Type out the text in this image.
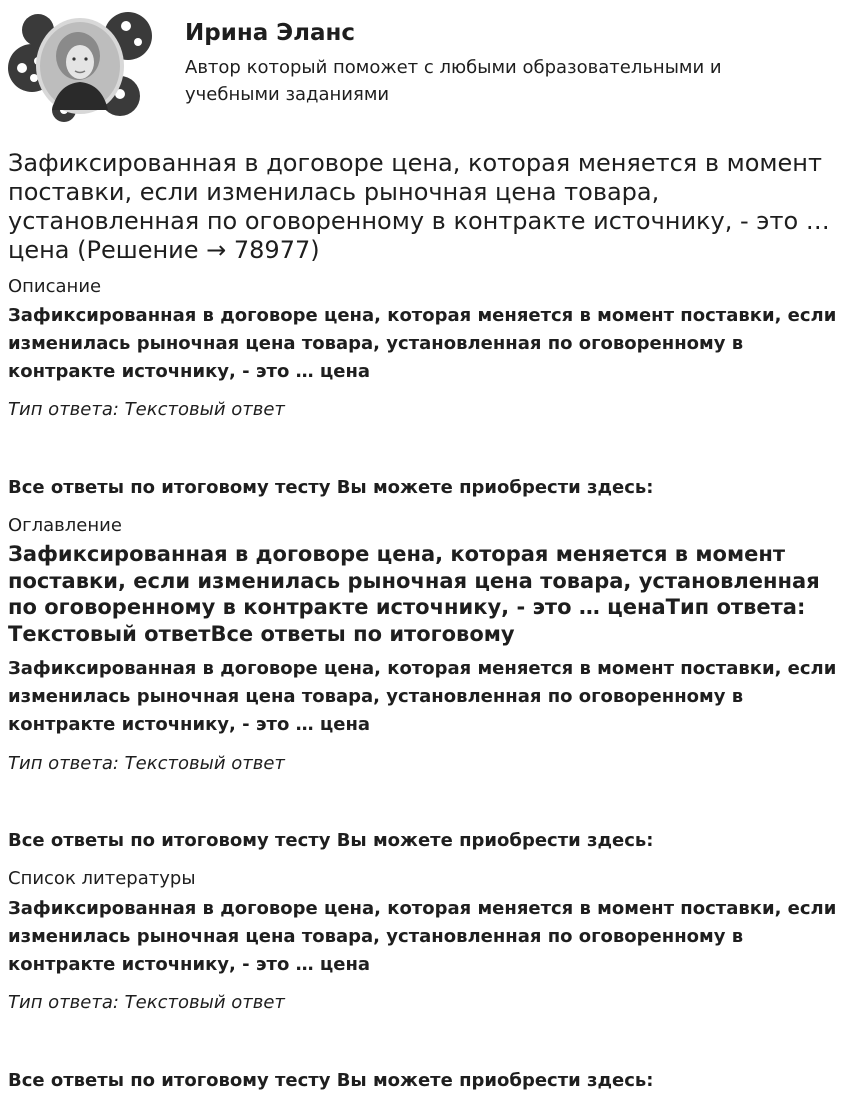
Ирина Эланс
Автор который поможет с любыми образовательными и учебными заданиями
Зафиксированная в договоре цена, которая меняется в момент поставки, если изменилась рыночная цена товара, установленная по оговоренному в контракте источнику, - это … цена (Решение → 78977)
Описание
Зафиксированная в договоре цена, которая меняется в момент поставки, если изменилась рыночная цена товара, установленная по оговоренному в контракте источнику, - это … цена
Тип ответа: Текстовый ответ
Все ответы по итоговому тесту Вы можете приобрести здесь:
Оглавление
Зафиксированная в договоре цена, которая меняется в момент поставки, если изменилась рыночная цена товара, установленная по оговоренному в контракте источнику, - это … ценаТип ответа: Текстовый ответВсе ответы по итоговому
Зафиксированная в договоре цена, которая меняется в момент поставки, если изменилась рыночная цена товара, установленная по оговоренному в контракте источнику, - это … цена
Тип ответа: Текстовый ответ
Все ответы по итоговому тесту Вы можете приобрести здесь:
Список литературы
Зафиксированная в договоре цена, которая меняется в момент поставки, если изменилась рыночная цена товара, установленная по оговоренному в контракте источнику, - это … цена
Тип ответа: Текстовый ответ
Все ответы по итоговому тесту Вы можете приобрести здесь:
